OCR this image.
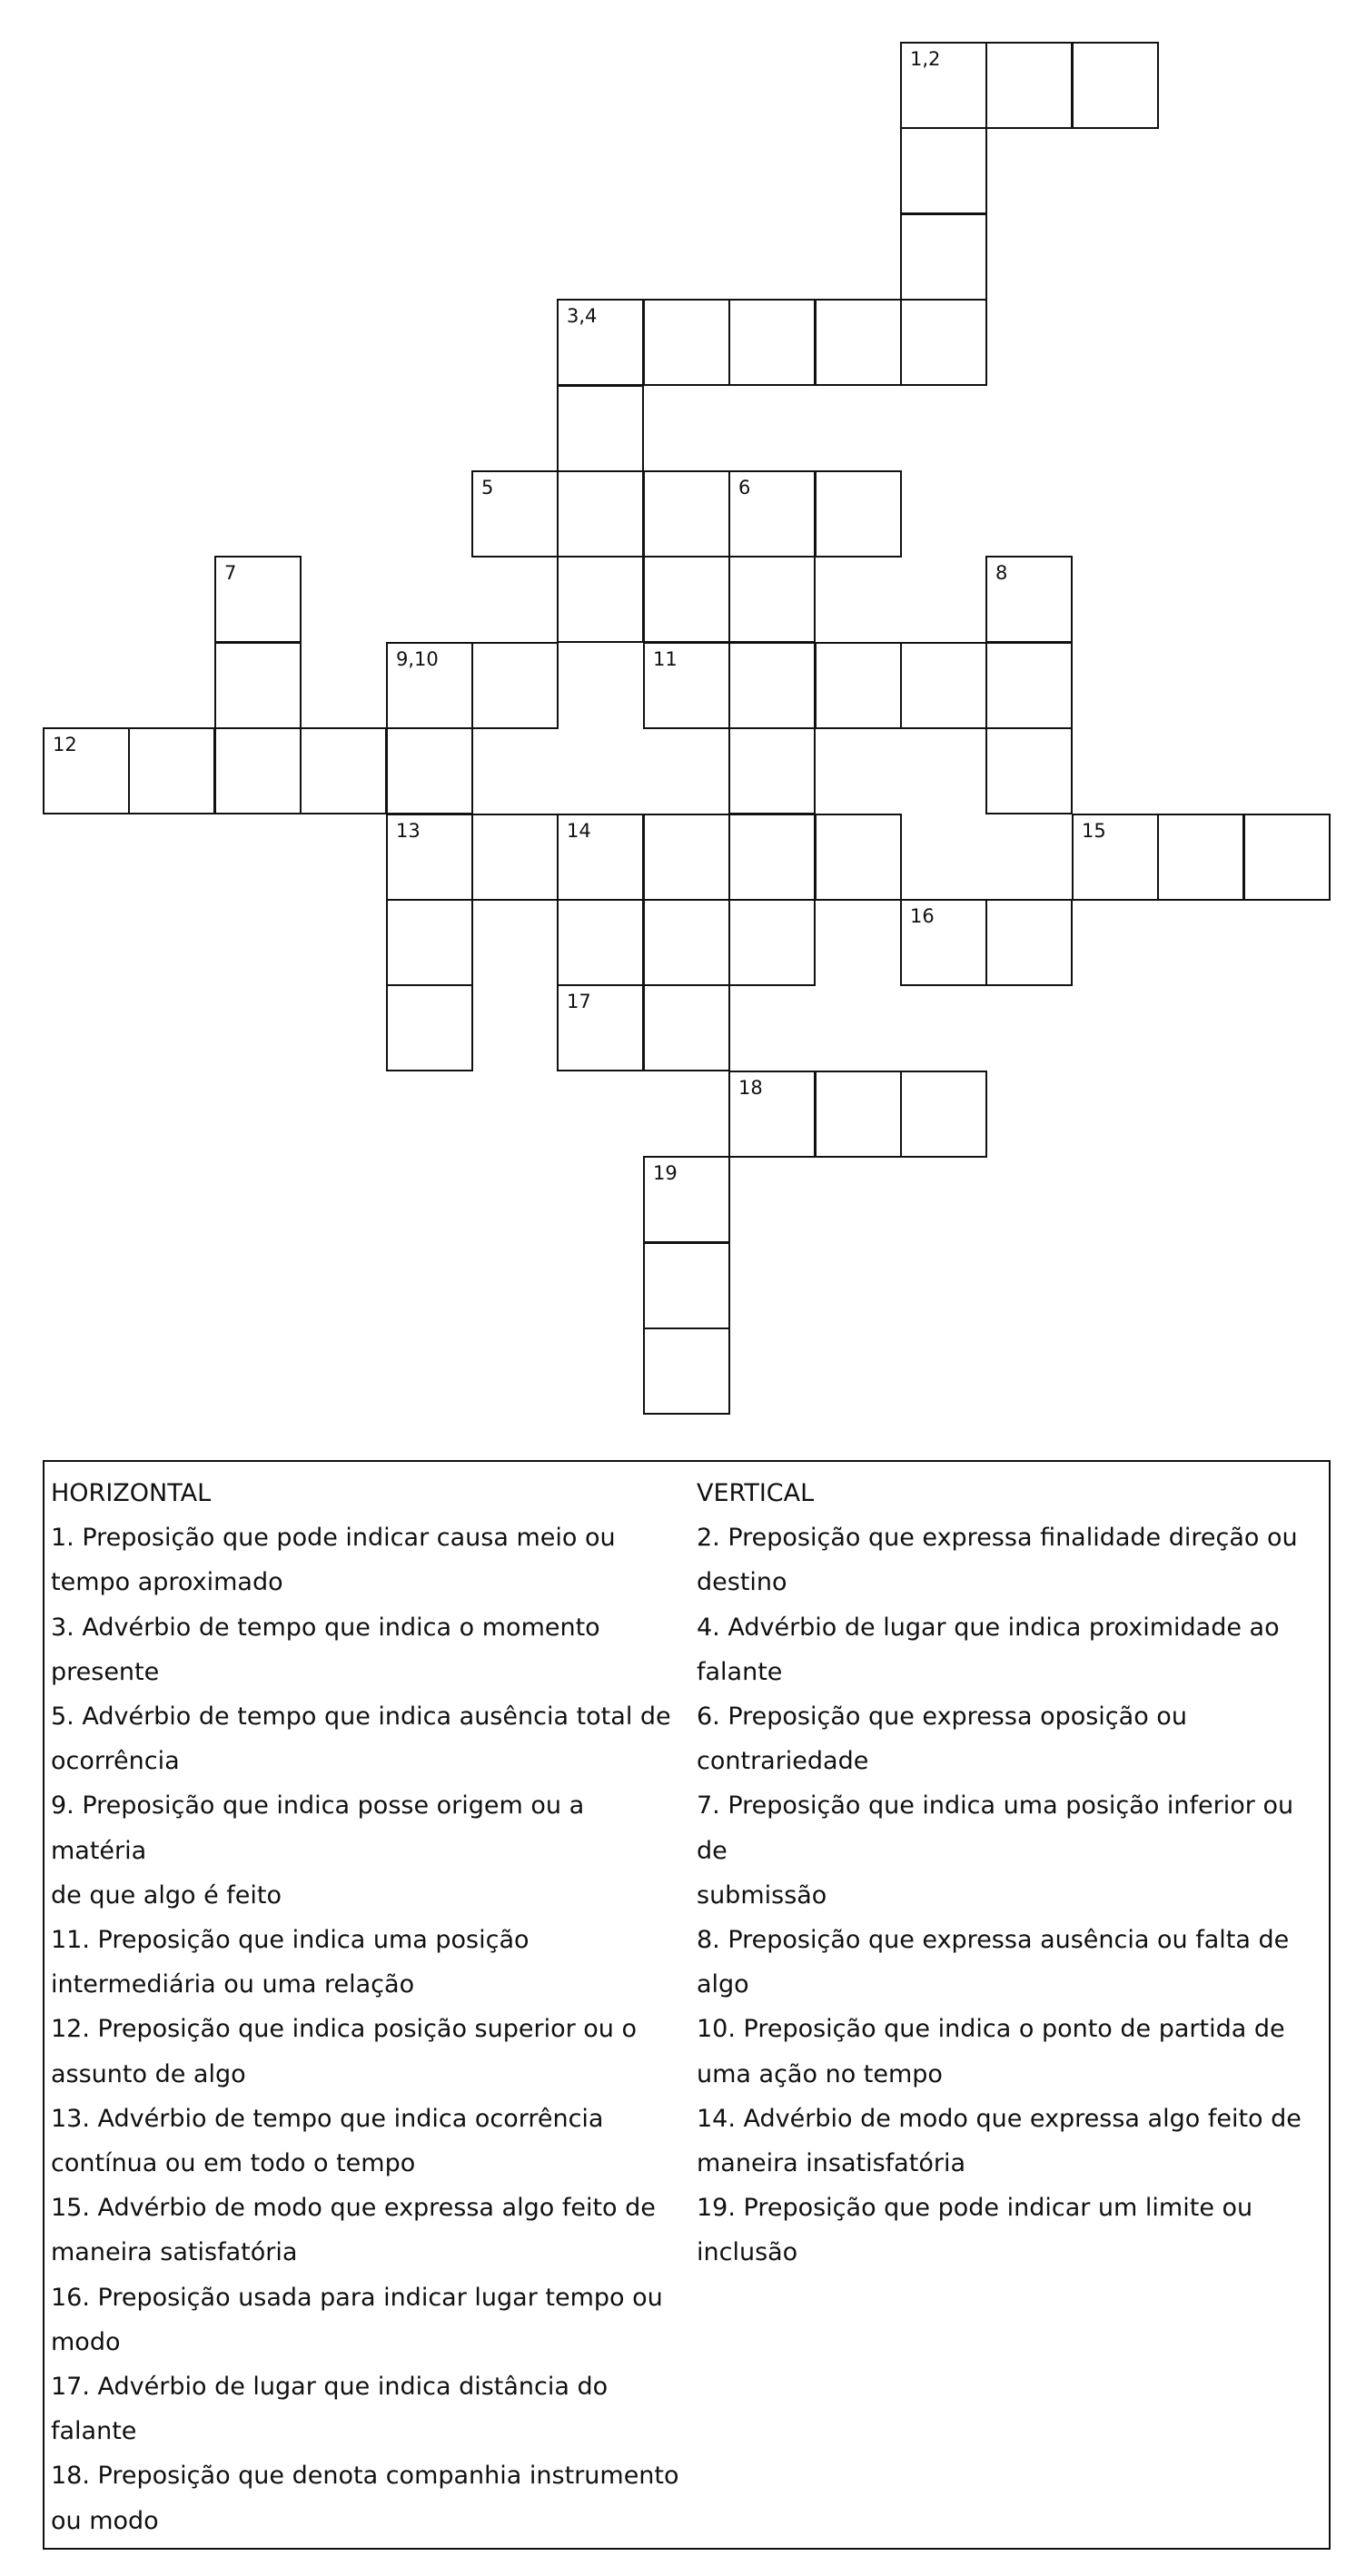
1,2
3,4
5	6
7	8
9,10	11
12
13	14	15
16
17
18
19
HORIZONTAL
1. Preposição que pode indicar causa meio ou
tempo aproximado
3. Advérbio de tempo que indica o momento
presente
5. Advérbio de tempo que indica ausência total de
ocorrência
9. Preposição que indica posse origem ou a matéria
de que algo é feito
11. Preposição que indica uma posição
intermediária ou uma relação
12. Preposição que indica posição superior ou o
assunto de algo
13. Advérbio de tempo que indica ocorrência
contínua ou em todo o tempo
15. Advérbio de modo que expressa algo feito de
maneira satisfatória
16. Preposição usada para indicar lugar tempo ou
modo
17. Advérbio de lugar que indica distância do
falante
18. Preposição que denota companhia instrumento
ou modo
VERTICAL
2. Preposição que expressa finalidade direção ou
destino
4. Advérbio de lugar que indica proximidade ao
falante
6. Preposição que expressa oposição ou
contrariedade
7. Preposição que indica uma posição inferior ou de
submissão
8. Preposição que expressa ausência ou falta de
algo
10. Preposição que indica o ponto de partida de
uma ação no tempo
14. Advérbio de modo que expressa algo feito de
maneira insatisfatória
19. Preposição que pode indicar um limite ou
inclusão
